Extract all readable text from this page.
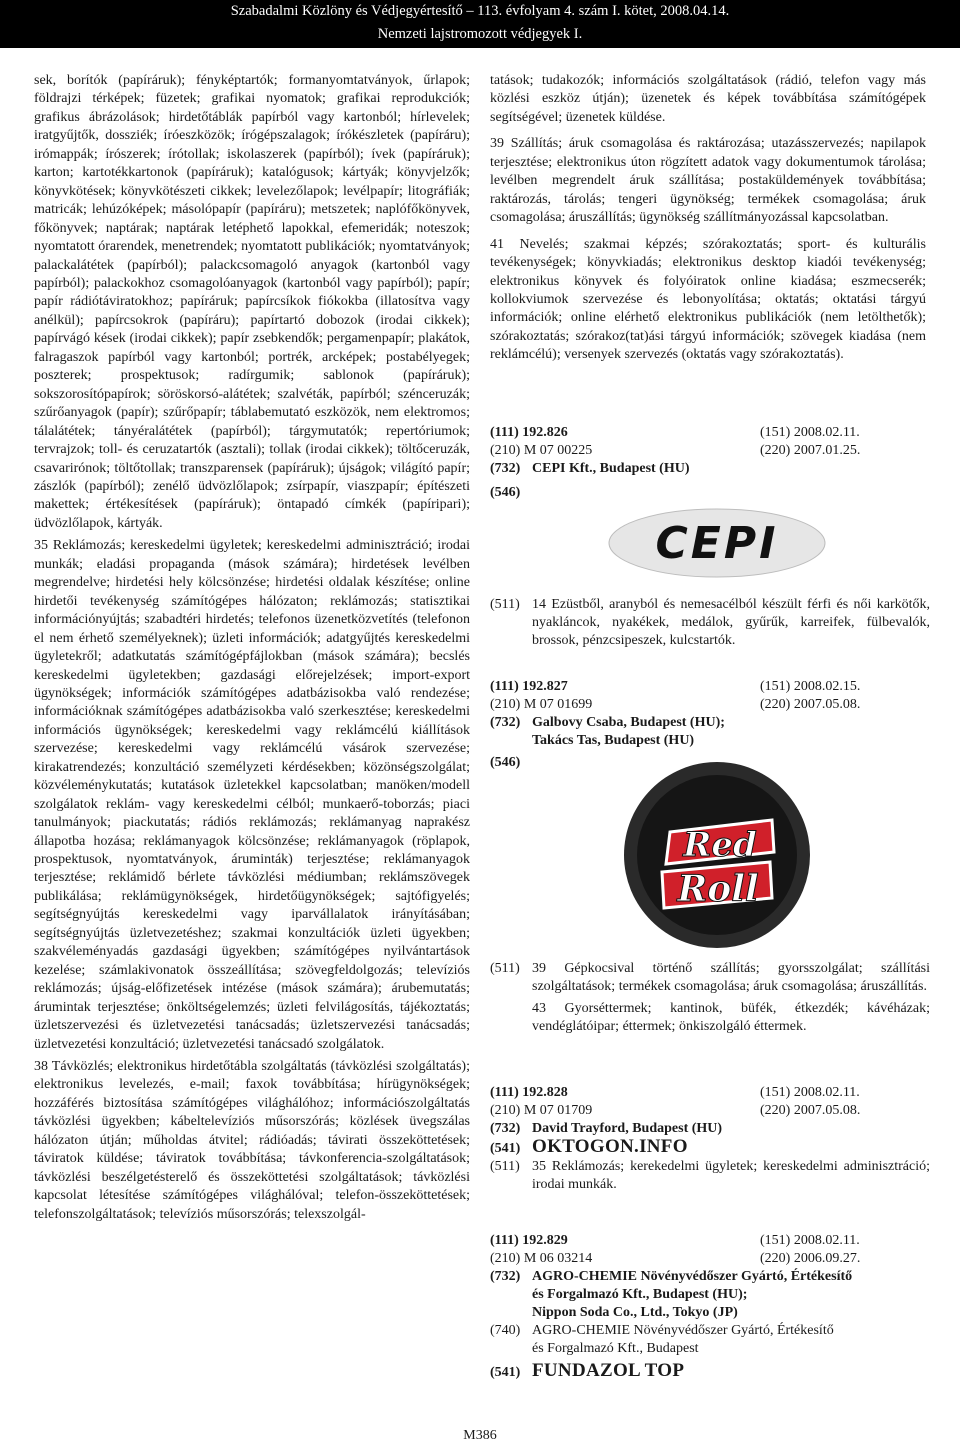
Szabadalmi Közlöny és Védjegyértesítő – 113. évfolyam 4. szám I. kötet, 2008.04.14.
Nemzeti lajstromozott védjegyek I.

sek, borítók (papíráruk); fényképtartók; formanyomtatványok, űrlapok; földrajzi térképek; füzetek; grafikai nyomatok; grafikai reprodukciók; grafikus ábrázolások; hirdetőtáblák papírból vagy kartonból; hírlevelek; iratgyűjtők, dossziék; íróeszközök; írógépszalagok; írókészletek (papíráru); irómappák; írószerek; írótollak; iskolaszerek (papírból); ívek (papíráruk); karton; kartotékkartonok (papíráruk); katalógusok; kártyák; könyvjelzők; könyvkötések; könyvkötészeti cikkek; levelezőlapok; levélpapír; litográfiák; matricák; lehúzóképek; másolópapír (papíráru); metszetek; naplófőkönyvek, főkönyvek; naptárak; naptárak letéphető lapokkal, efemeridák; noteszok; nyomtatott órarendek, menetrendek; nyomtatott publikációk; nyomtatványok; palackalátétek (papírból); palackcsomagoló anyagok (kartonból vagy papírból); palackokhoz csomagolóanyagok (kartonból vagy papírból); papír; papír rádiótáviratokhoz; papíráruk; papírcsíkok fiókokba (illatosítva vagy anélkül); papírcsokrok (papíráru); papírtartó dobozok (irodai cikkek); papírvágó kések (irodai cikkek); papír zsebkendők; pergamenpapír; plakátok, falragaszok papírból vagy kartonból; portrék, arcképek; postabélyegek; poszterek; prospektusok; radírgumik; sablonok (papíráruk); sokszorosítópapírok; söröskorsó-alátétek; szalvéták, papírból; szénceruzák; szűrőanyagok (papír); szűrőpapír; táblabemutató eszközök, nem elektromos; tálalátétek; tányéralátétek (papírból); tárgymutatók; repertóriumok; tervrajzok; toll- és ceruzatartók (asztali); tollak (irodai cikkek); töltőceruzák, csavarirónok; töltőtollak; transzparensek (papíráruk); újságok; világító papír; zászlók (papírból); zenélő üdvözlőlapok; zsírpapír, viaszpapír; építészeti makettek; értékesítések (papíráruk); öntapadó címkék (papíripari); üdvözlőlapok, kártyák.

35 Reklámozás; kereskedelmi ügyletek; kereskedelmi adminisztráció; irodai munkák; eladási propaganda (mások számára); hirdetések levélben megrendelve; hirdetési hely kölcsönzése; hirdetési oldalak készítése; online hirdetői tevékenység számítógépes hálózaton; reklámozás; statisztikai információnyújtás; szabadtéri hirdetés; telefonos üzenetközvetítés (telefonon el nem érhető személyeknek); üzleti információk; adatgyűjtés kereskedelmi ügyletekről; adatkutatás számítógépfájlokban (mások számára); becslés kereskedelmi ügyletekben; gazdasági előrejelzések; import-export ügynökségek; információk számítógépes adatbázisokba való rendezése; információknak számítógépes adatbázisokba való szerkesztése; kereskedelmi információs ügynökségek; kereskedelmi vagy reklámcélú kiállítások szervezése; kereskedelmi vagy reklámcélú vásárok szervezése; kirakatrendezés; konzultáció személyzeti kérdésekben; közönségszolgálat; közvéleménykutatás; kutatások üzletekkel kapcsolatban; manöken/modell szolgálatok reklám- vagy kereskedelmi célból; munkaerő-toborzás; piaci tanulmányok; piackutatás; rádiós reklámozás; reklámanyag naprakész állapotba hozása; reklámanyagok kölcsönzése; reklámanyagok (röplapok, prospektusok, nyomtatványok, áruminták) terjesztése; reklámanyagok terjesztése; reklámidő bérlete távközlési médiumban; reklámszövegek publikálása; reklámügynökségek, hirdetőügynökségek; sajtófigyelés; segítségnyújtás kereskedelmi vagy iparvállalatok irányításában; segítségnyújtás üzletvezetéshez; szakmai konzultációk üzleti ügyekben; szakvéleményadás gazdasági ügyekben; számítógépes nyilvántartások kezelése; számlakivonatok összeállítása; szövegfeldolgozás; televíziós reklámozás; újság-előfizetések intézése (mások számára); árubemutatás; árumintak terjesztése; önköltségelemzés; üzleti felvilágosítás, tájékoztatás; üzletszervezési és üzletvezetési tanácsadás; üzletszervezési tanácsadás; üzletvezetési konzultáció; üzletvezetési tanácsadó szolgálatok.

38 Távközlés; elektronikus hirdetőtábla szolgáltatás (távközlési szolgáltatás); elektronikus levelezés, e-mail; faxok továbbítása; hírügynökségek; hozzáférés biztosítása számítógépes világhálóhoz; információszolgáltatás távközlési ügyekben; kábeltelevíziós műsorszórás; közlések üvegszálas hálózaton útján; műholdas átvitel; rádióadás; távirati összeköttetések; táviratok küldése; táviratok továbbítása; távkonferencia-szolgáltatások; távközlési beszélgetésterelő és összeköttetési szolgáltatások; távközlési kapcsolat létesítése számítógépes világhálóval; telefon-összeköttetések; telefonszolgáltatások; televíziós műsorszórás; telexszolgál-

tatások; tudakozók; információs szolgáltatások (rádió, telefon vagy más közlési eszköz útján); üzenetek és képek továbbítása számítógépek segítségével; üzenetek küldése.

39 Szállítás; áruk csomagolása és raktározása; utazásszervezés; napilapok terjesztése; elektronikus úton rögzített adatok vagy dokumentumok tárolása; levélben megrendelt áruk szállítása; postaküldemények továbbítása; raktározás, tárolás; tengeri ügynökség; termékek csomagolása; áruk csomagolása; áruszállítás; ügynökség szállítmányozással kapcsolatban.

41 Nevelés; szakmai képzés; szórakoztatás; sport- és kulturális tevékenységek; könyvkiadás; elektronikus desktop kiadói tevékenység; elektronikus könyvek és folyóiratok online kiadása; eszmecserék; kollokviumok szervezése és lebonyolítása; oktatás; oktatási tárgyú információk; online elérhető elektronikus publikációk (nem letölthetők); szórakoztatás; szórakoz(tat)ási tárgyú információk; szövegek kiadása (nem reklámcélú); versenyek szervezés (oktatás vagy szórakoztatás).

(111) 192.826	(151) 2008.02.11.
(210) M 07 00225	(220) 2007.01.25.
(732) CEPI Kft., Budapest (HU)
(546)
CEPI
(511) 14 Ezüstből, aranyból és nemesacélból készült férfi és női karkötők, nyakláncok, nyakékek, medálok, gyűrűk, karreifek, fülbevalók, brossok, pénzcsipeszek, kulcstartók.
(111) 192.827	(151) 2008.02.15.
(210) M 07 01699	(220) 2007.05.08.
(732) Galbovy Csaba, Budapest (HU);
Takács Tas, Budapest (HU)
(546)
Red
Roll
(511) 39 Gépkocsival történő szállítás; gyorsszolgálat; szállítási szolgáltatások; termékek csomagolása; áruk csomagolása; áruszállítás.
43 Gyorséttermek; kantinok, büfék, étkezdék; kávéházak; vendéglátóipar; éttermek; önkiszolgáló éttermek.
(111) 192.828	(151) 2008.02.11.
(210) M 07 01709	(220) 2007.05.08.
(732) David Trayford, Budapest (HU)
(541) OKTOGON.INFO
(511) 35 Reklámozás; kerekedelmi ügyletek; kereskedelmi adminisztráció; irodai munkák.
(111) 192.829	(151) 2008.02.11.
(210) M 06 03214	(220) 2006.09.27.
(732) AGRO-CHEMIE Növényvédőszer Gyártó, Értékesítő
és Forgalmazó Kft., Budapest (HU);
Nippon Soda Co., Ltd., Tokyo (JP)
(740) AGRO-CHEMIE Növényvédőszer Gyártó, Értékesítő
és Forgalmazó Kft., Budapest
(541) FUNDAZOL TOP
M386
